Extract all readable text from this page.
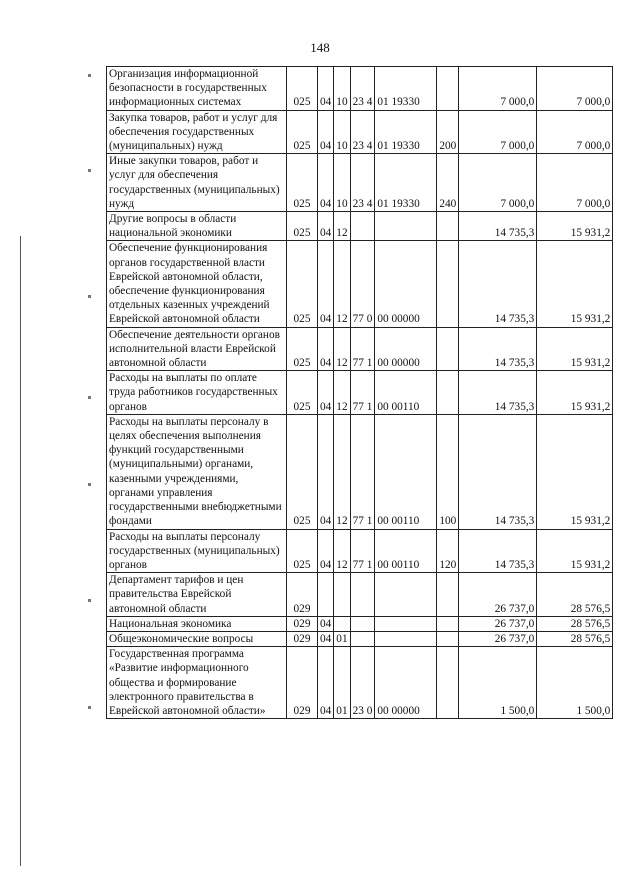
148
Организация информационной безопасности в государственных информационных системах	025	04	10	23 4	01 19330		7 000,0	7 000,0
Закупка товаров, работ и услуг для обеспечения государственных (муниципальных) нужд	025	04	10	23 4	01 19330	200	7 000,0	7 000,0
Иные закупки товаров, работ и услуг для обеспечения государственных (муниципальных) нужд	025	04	10	23 4	01 19330	240	7 000,0	7 000,0
Другие вопросы в области национальной экономики	025	04	12				14 735,3	15 931,2
Обеспечение функционирования органов государственной власти Еврейской автономной области, обеспечение функционирования отдельных казенных учреждений Еврейской автономной области	025	04	12	77 0	00 00000		14 735,3	15 931,2
Обеспечение деятельности органов исполнительной власти Еврейской автономной области	025	04	12	77 1	00 00000		14 735,3	15 931,2
Расходы на выплаты по оплате труда работников государственных органов	025	04	12	77 1	00 00110		14 735,3	15 931,2
Расходы на выплаты персоналу в целях обеспечения выполнения функций государственными (муниципальными) органами, казенными учреждениями, органами управления государственными внебюджетными фондами	025	04	12	77 1	00 00110	100	14 735,3	15 931,2
Расходы на выплаты персоналу государственных (муниципальных) органов	025	04	12	77 1	00 00110	120	14 735,3	15 931,2
Департамент тарифов и цен правительства Еврейской автономной области	029						26 737,0	28 576,5
Национальная экономика	029	04					26 737,0	28 576,5
Общеэкономические вопросы	029	04	01				26 737,0	28 576,5
Государственная программа «Развитие информационного общества и формирование электронного правительства в Еврейской автономной области»	029	04	01	23 0	00 00000		1 500,0	1 500,0
